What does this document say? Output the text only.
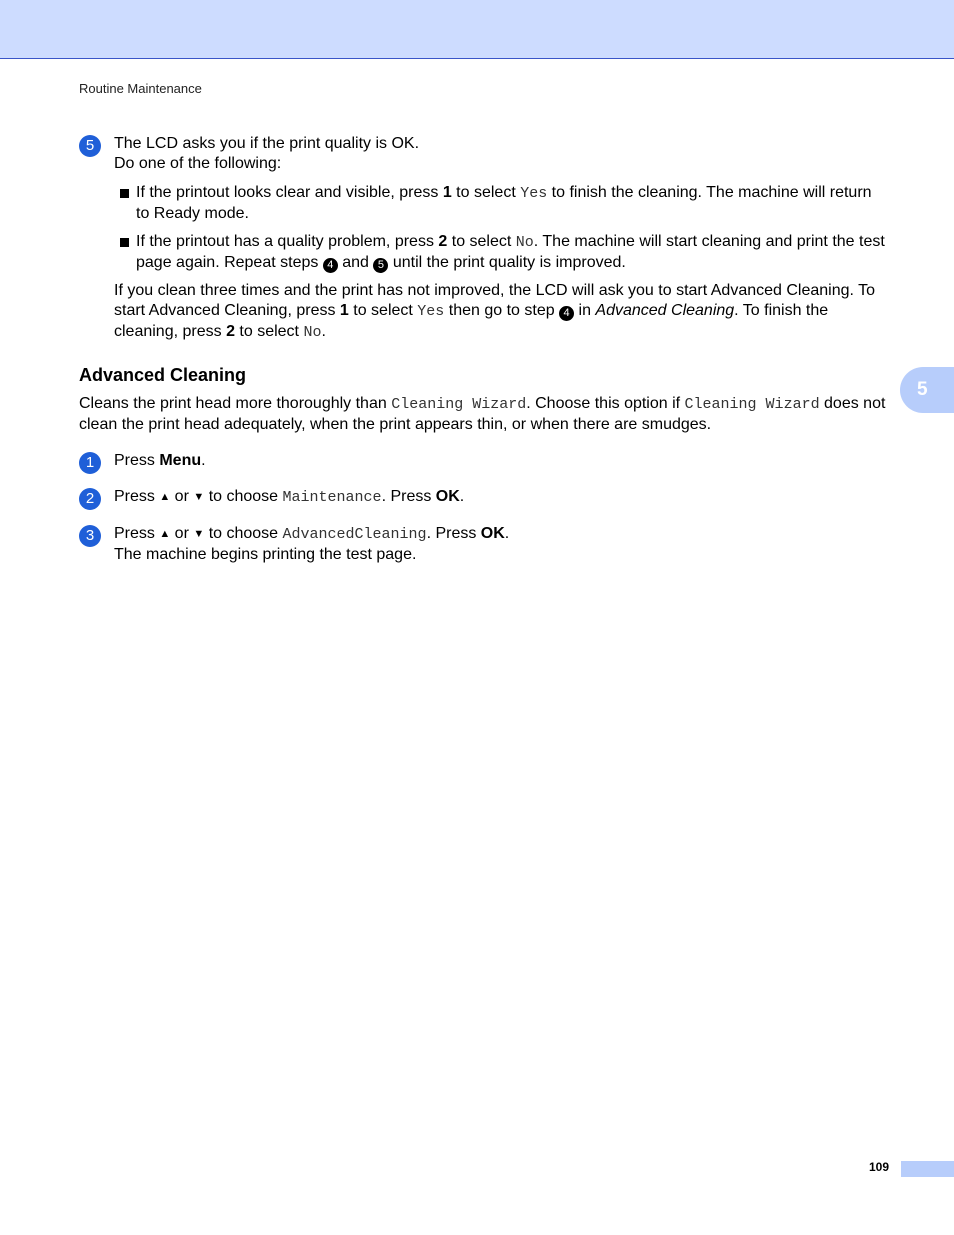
Routine Maintenance
5
5	The LCD asks you if the print quality is OK.
Do one of the following:
If the printout looks clear and visible, press 1 to select Yes to finish the cleaning. The machine will return to Ready mode.
If the printout has a quality problem, press 2 to select No. The machine will start cleaning and print the test page again. Repeat steps 4 and 5 until the print quality is improved.
If you clean three times and the print has not improved, the LCD will ask you to start Advanced Cleaning. To start Advanced Cleaning, press 1 to select Yes then go to step 4 in Advanced Cleaning. To finish the cleaning, press 2 to select No.
Advanced Cleaning
Cleans the print head more thoroughly than Cleaning Wizard. Choose this option if Cleaning Wizard does not clean the print head adequately, when the print appears thin, or when there are smudges.
1	Press Menu.
2	Press ▲ or ▼ to choose Maintenance. Press OK.
3	Press ▲ or ▼ to choose AdvancedCleaning. Press OK.
The machine begins printing the test page.
109
